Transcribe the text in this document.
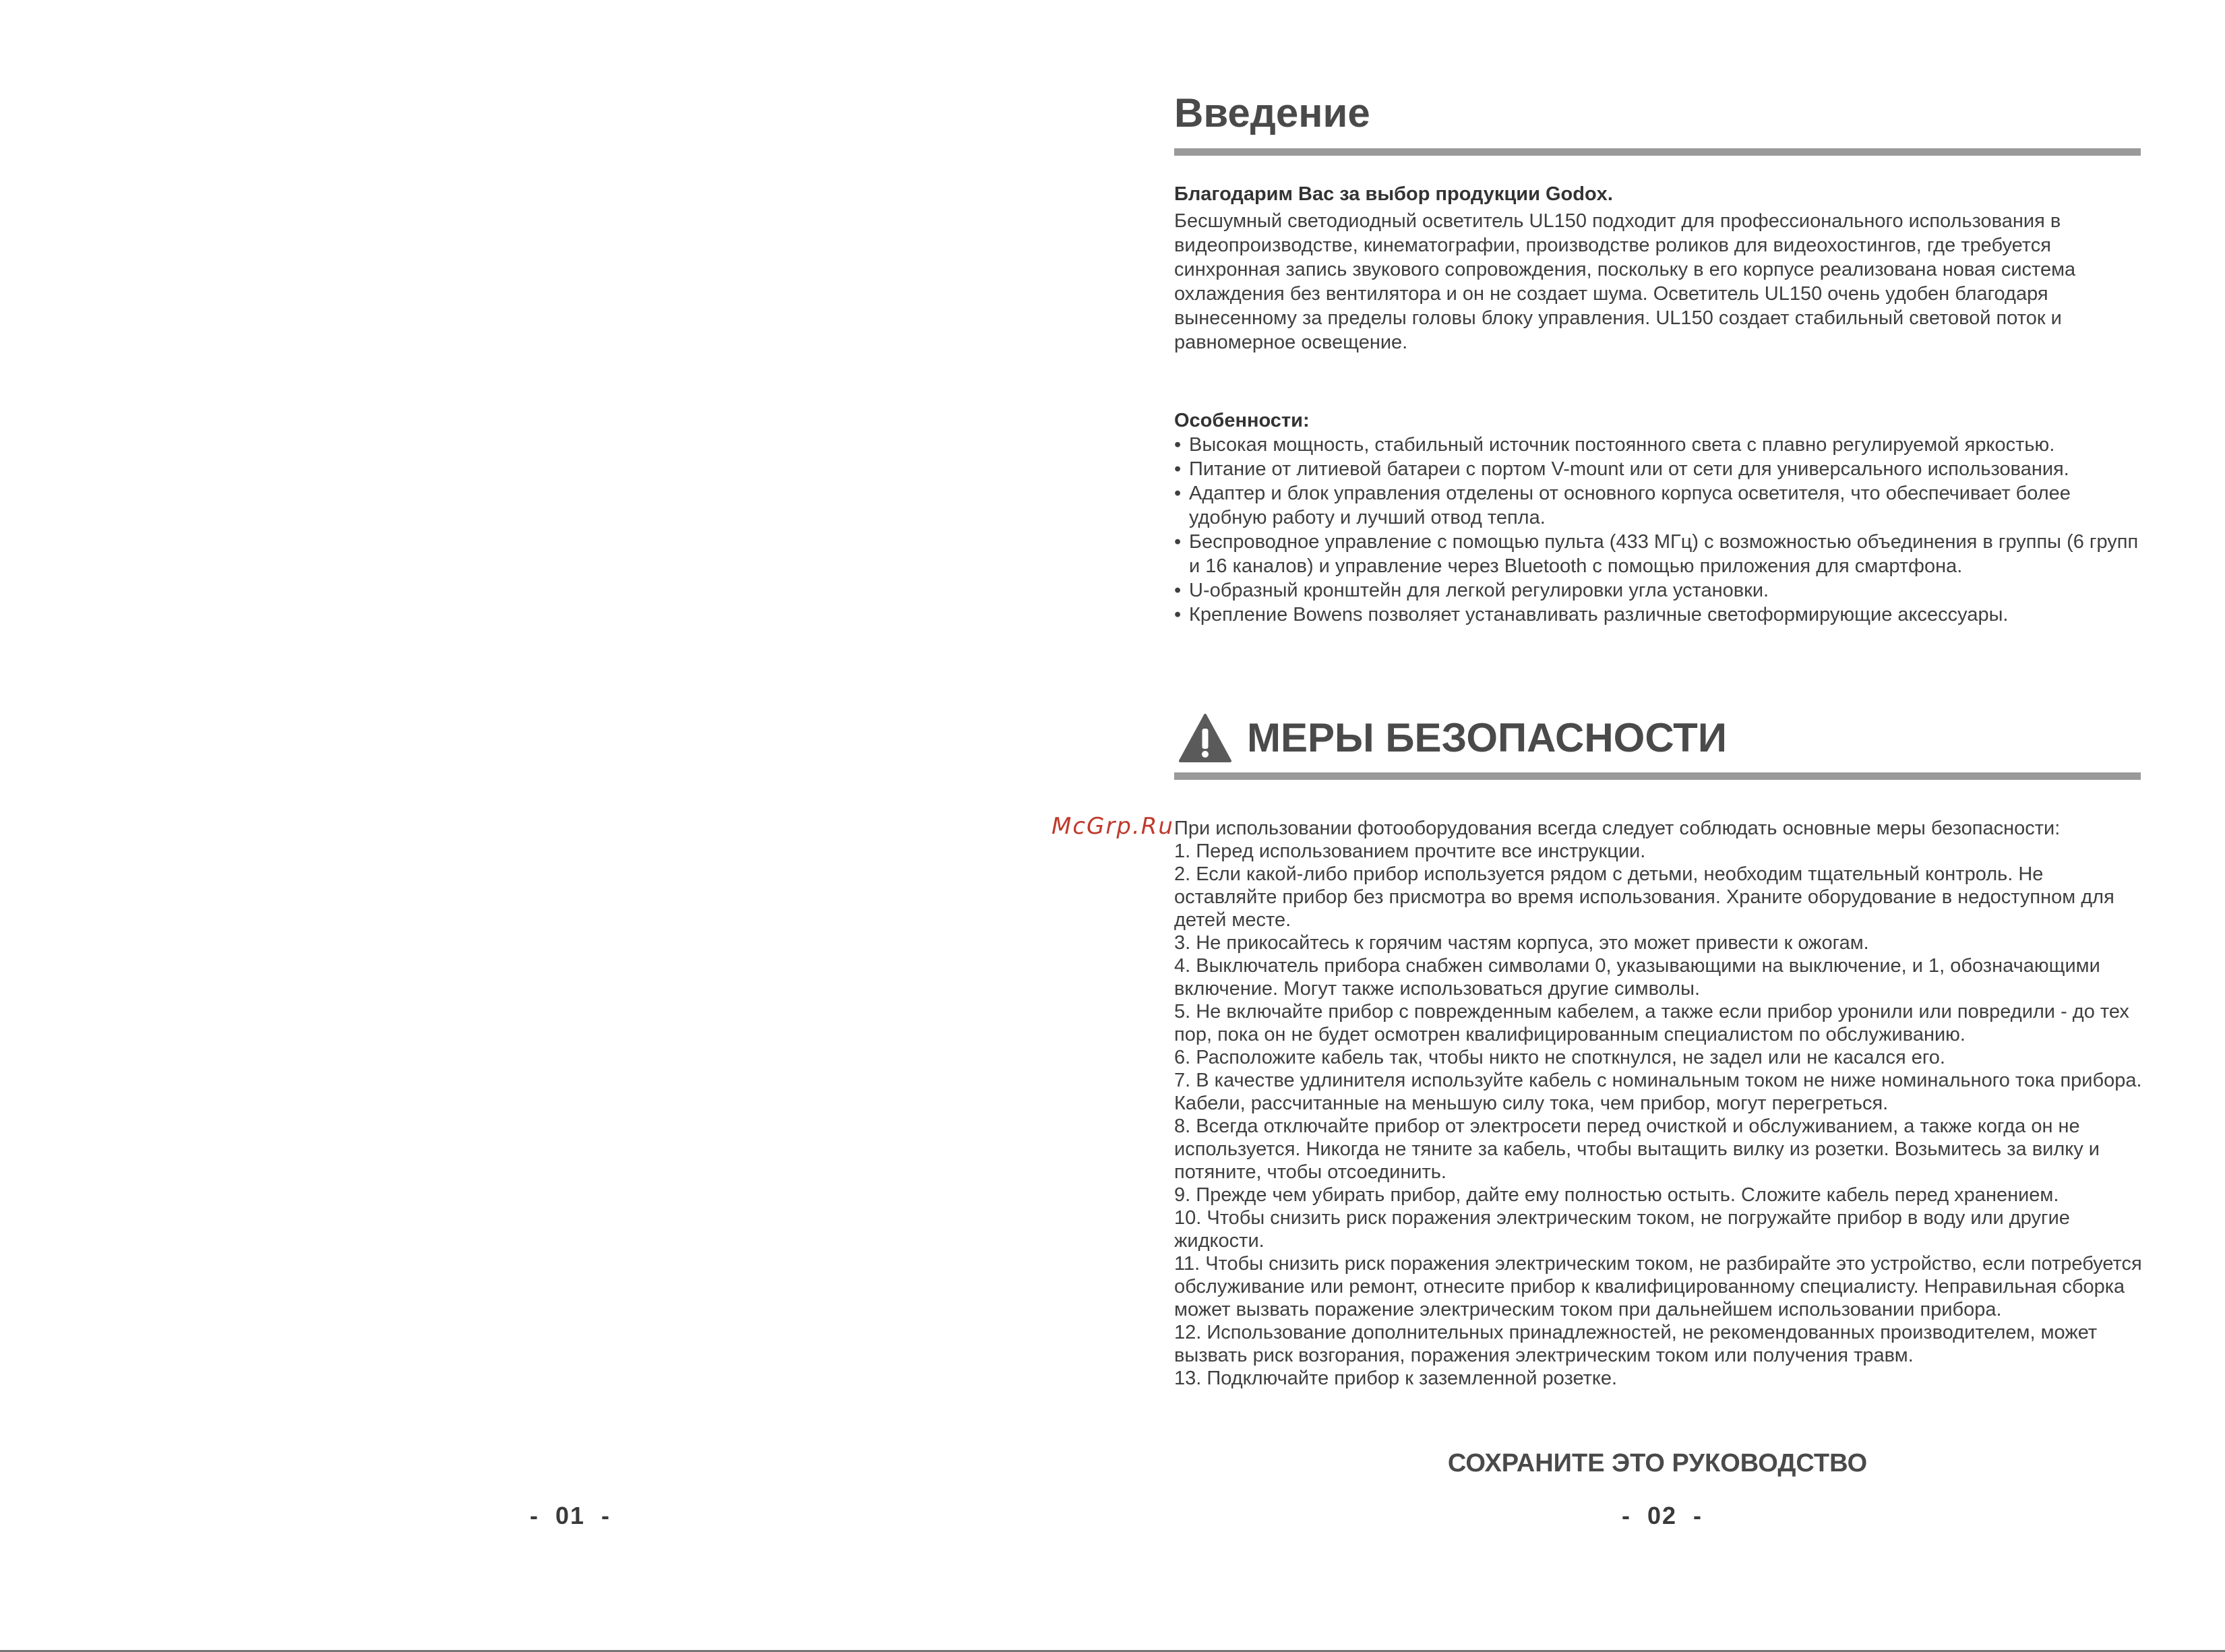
-  01  -
Введение

Благодарим Вас за выбор продукции Godox.

Бесшумный светодиодный осветитель UL150 подходит для профессионального использования в видеопроизводстве, кинематографии, производстве роликов для видеохостингов, где требуется синхронная запись звукового сопровождения, поскольку в его корпусе реализована новая система охлаждения без вентилятора и он не создает шума. Осветитель UL150 очень удобен благодаря вынесенному за пределы головы блоку управления. UL150 создает стабильный световой поток и равномерное освещение.

Особенности:

• Высокая мощность, стабильный источник постоянного света с плавно регулируемой яркостью.
• Питание от литиевой батареи с портом V-mount или от сети для универсального использования.
• Адаптер и блок управления отделены от основного корпуса осветителя, что обеспечивает более удобную работу и лучший отвод тепла.
• Беспроводное управление с помощью пульта (433 МГц) с возможностью объединения в группы (6 групп и 16 каналов) и управление через Bluetooth с помощью приложения для смартфона.
• U-образный кронштейн для легкой регулировки угла установки.
• Крепление Bowens позволяет устанавливать различные светоформирующие аксессуары.
МЕРЫ БЕЗОПАСНОСТИ

При использовании фотооборудования всегда следует соблюдать основные меры безопасности:

1. Перед использованием прочтите все инструкции.

2. Если какой-либо прибор используется рядом с детьми, необходим тщательный контроль. Не оставляйте прибор без присмотра во время использования. Храните оборудование в недоступном для детей месте.

3. Не прикосайтесь к горячим частям корпуса, это может привести к ожогам.

4. Выключатель прибора снабжен символами 0, указывающими на выключение, и 1, обозначающими включение. Могут также использоваться другие символы.

5. Не включайте прибор с поврежденным кабелем, а также если прибор уронили или повредили - до тех пор, пока он не будет осмотрен квалифицированным специалистом по обслуживанию.

6. Расположите кабель так, чтобы никто не споткнулся, не задел или не касался его.

7. В качестве удлинителя используйте кабель с номинальным током не ниже номинального тока прибора. Кабели, рассчитанные на меньшую силу тока, чем прибор, могут перегреться.

8. Всегда отключайте прибор от электросети перед очисткой и обслуживанием, а также когда он не используется. Никогда не тяните за кабель, чтобы вытащить вилку из розетки. Возьмитесь за вилку и потяните, чтобы отсоединить.

9. Прежде чем убирать прибор, дайте ему полностью остыть. Сложите кабель перед хранением.

10. Чтобы снизить риск поражения электрическим током, не погружайте прибор в воду или другие жидкости.

11. Чтобы снизить риск поражения электрическим током, не разбирайте это устройство, если потребуется обслуживание или ремонт, отнесите прибор к квалифицированному специалисту. Неправильная сборка может вызвать поражение электрическим током при дальнейшем использовании прибора.

12. Использование дополнительных принадлежностей, не рекомендованных производителем, может вызвать риск возгорания, поражения электрическим током или получения травм.

13. Подключайте прибор к заземленной розетке.

СОХРАНИТЕ ЭТО РУКОВОДСТВО

McGrp.Ru
-  02  -
